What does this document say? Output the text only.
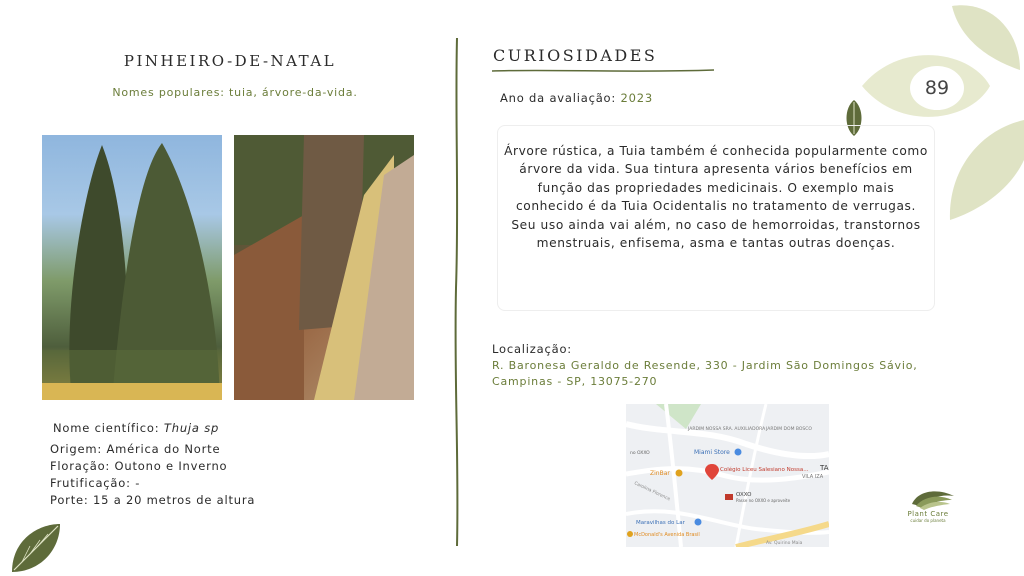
89
PINHEIRO-DE-NATAL
Nomes populares: tuia, árvore-da-vida.
Nome científico: Thuja sp
Origem: América do Norte
Floração: Outono e Inverno
Frutificação: -
Porte: 15 a 20 metros de altura
CURIOSIDADES
Ano da avaliação: 2023
Árvore rústica, a Tuia também é conhecida popularmente como árvore da vida. Sua tintura apresenta vários benefícios em função das propriedades medicinais. O exemplo mais conhecido é da Tuia Ocidentalis no tratamento de verrugas. Seu uso ainda vai além, no caso de hemorroidas, transtornos menstruais, enfisema, asma e tantas outras doenças.
Localização:
R. Baronesa Geraldo de Resende, 330 - Jardim São Domingos Sávio, Campinas - SP, 13075-270
JARDIM NOSSA SRA. AUXILIADORA JARDIM DOM BOSCO
Miami Store
ZinBar	Colégio Liceu Salesiano Nossa...
OXXO
Passe no OXXO e aproveite
VILA IZA
TA
no OXXO
Maravilhas do Lar
McDonald's Avenida Brasil
Carolina Florence
Av. Quirino Maia
Plant Care
cuidar do planeta
